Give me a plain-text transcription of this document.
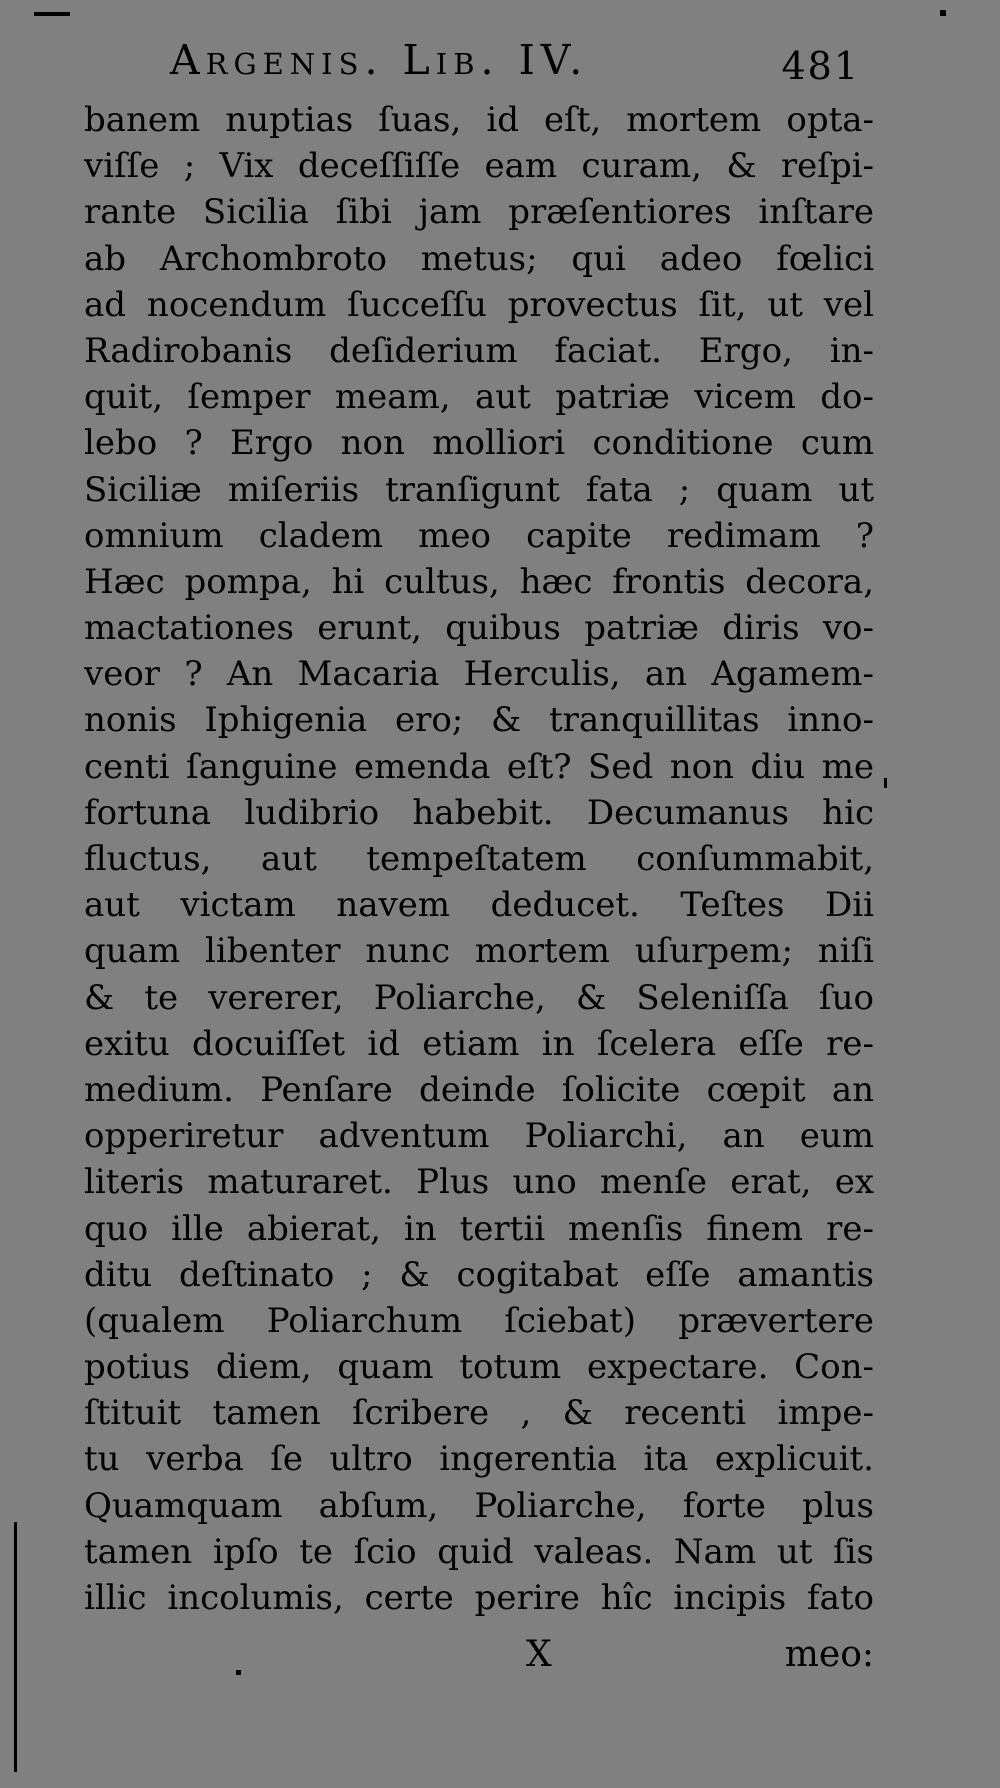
Argenis. Lib. IV.	481
banem nuptias ſuas, id eſt, mortem opta-
viſſe ; Vix deceſſiſſe eam curam, & reſpi-
rante Sicilia ſibi jam præſentiores inſtare
ab Archombroto metus; qui adeo fœlici
ad nocendum ſucceſſu provectus ſit, ut vel
Radirobanis deſiderium faciat. Ergo, in-
quit, ſemper meam, aut patriæ vicem do-
lebo ? Ergo non molliori conditione cum
Siciliæ miſeriis tranſigunt fata ; quam ut
omnium cladem meo capite redimam ?
Hæc pompa, hi cultus, hæc frontis decora,
mactationes erunt, quibus patriæ diris vo-
veor ? An Macaria Herculis, an Agamem-
nonis Iphigenia ero; & tranquillitas inno-
centi ſanguine emenda eſt? Sed non diu me
fortuna ludibrio habebit. Decumanus hic
fluctus, aut tempeſtatem conſummabit,
aut victam navem deducet. Teſtes Dii
quam libenter nunc mortem uſurpem; niſi
& te vererer, Poliarche, & Seleniſſa ſuo
exitu docuiſſet id etiam in ſcelera eſſe re-
medium. Penſare deinde ſolicite cœpit an
opperiretur adventum Poliarchi, an eum
literis maturaret. Plus uno menſe erat, ex
quo ille abierat, in tertii menſis finem re-
ditu deſtinato ; & cogitabat eſſe amantis
(qualem Poliarchum ſciebat) prævertere
potius diem, quam totum expectare. Con-
ſtituit tamen ſcribere , & recenti impe-
tu verba ſe ultro ingerentia ita explicuit.
Quamquam abſum, Poliarche, forte plus
tamen ipſo te ſcio quid valeas. Nam ut ſis
illic incolumis, certe perire hîc incipis fato
X	meo:
